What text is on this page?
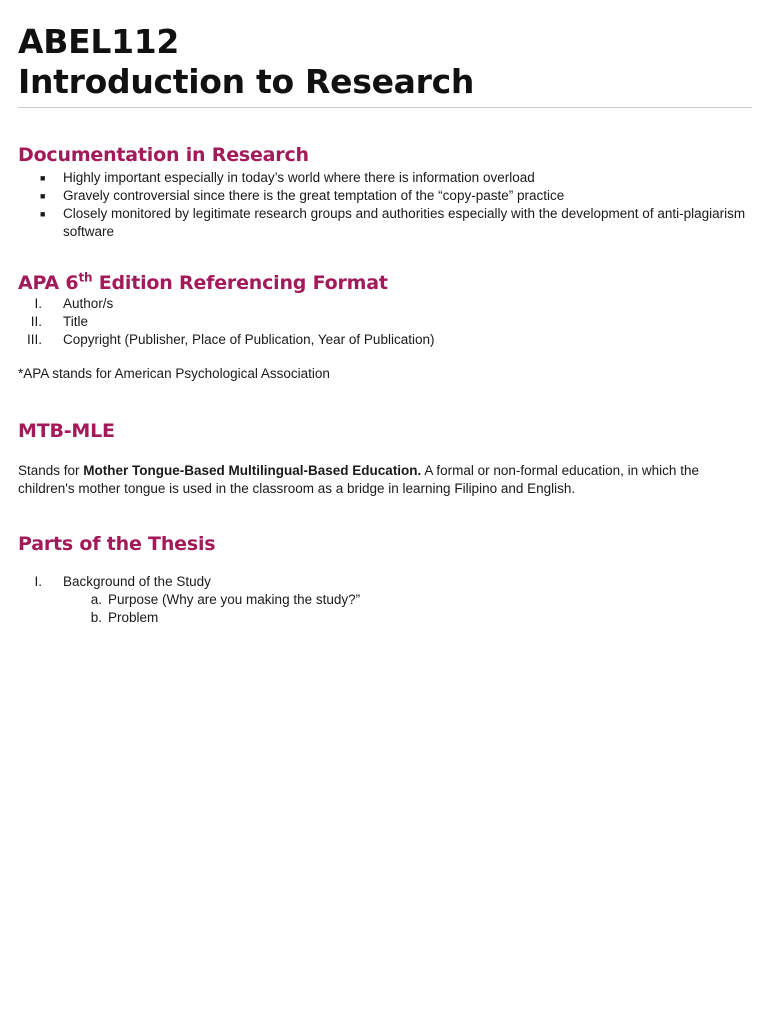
ABEL112
Introduction to Research
Documentation in Research
■ Highly important especially in today’s world where there is information overload
■ Gravely controversial since there is the great temptation of the “copy-paste” practice
■ Closely monitored by legitimate research groups and authorities especially with the development of anti-plagiarism software
APA 6th Edition Referencing Format
I. Author/s
II. Title
III. Copyright (Publisher, Place of Publication, Year of Publication)

*APA stands for American Psychological Association

MTB-MLE

Stands for Mother Tongue-Based Multilingual-Based Education. A formal or non-formal education, in which the children's mother tongue is used in the classroom as a bridge in learning Filipino and English.

Parts of the Thesis
I. Background of the Study
a. Purpose (Why are you making the study?”
b. Problem
